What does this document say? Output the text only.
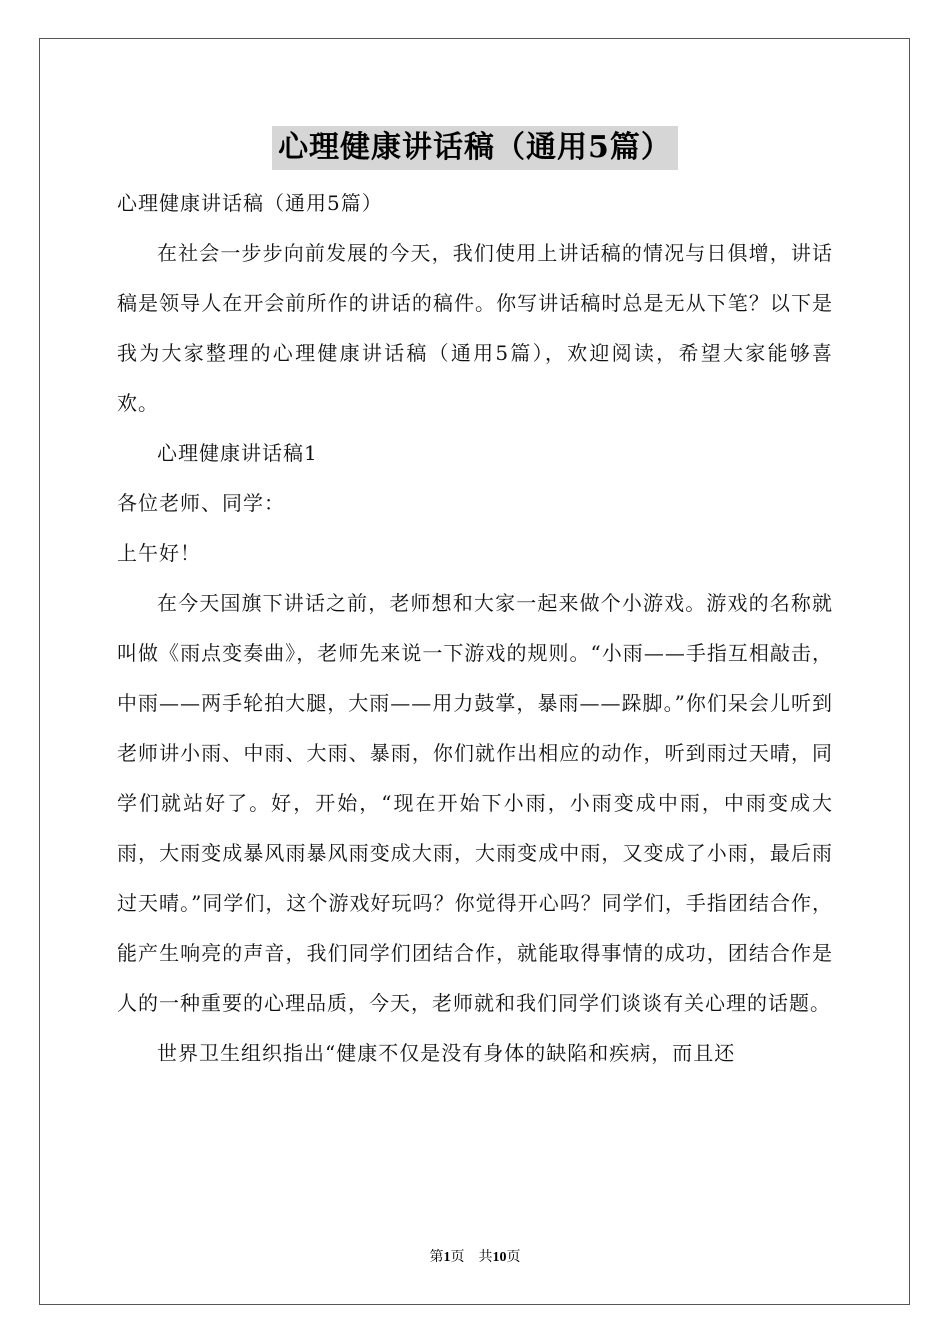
心理健康讲话稿（通用5篇）

心理健康讲话稿（通用5篇）

在社会一步步向前发展的今天，我们使用上讲话稿的情况与日俱增，讲话稿是领导人在开会前所作的讲话的稿件。你写讲话稿时总是无从下笔？以下是我为大家整理的心理健康讲话稿（通用5篇），欢迎阅读，希望大家能够喜欢。

心理健康讲话稿1

各位老师、同学：

上午好！

在今天国旗下讲话之前，老师想和大家一起来做个小游戏。游戏的名称就叫做《雨点变奏曲》，老师先来说一下游戏的规则。“小雨——手指互相敲击，中雨——两手轮拍大腿，大雨——用力鼓掌，暴雨——跺脚。”你们呆会儿听到老师讲小雨、中雨、大雨、暴雨，你们就作出相应的动作，听到雨过天晴，同学们就站好了。好，开始，“现在开始下小雨，小雨变成中雨，中雨变成大雨，大雨变成暴风雨暴风雨变成大雨，大雨变成中雨，又变成了小雨，最后雨过天晴。”同学们，这个游戏好玩吗？你觉得开心吗？同学们，手指团结合作，能产生响亮的声音，我们同学们团结合作，就能取得事情的成功，团结合作是人的一种重要的心理品质，今天，老师就和我们同学们谈谈有关心理的话题。

世界卫生组织指出“健康不仅是没有身体的缺陷和疾病，而且还

第1页　共10页
